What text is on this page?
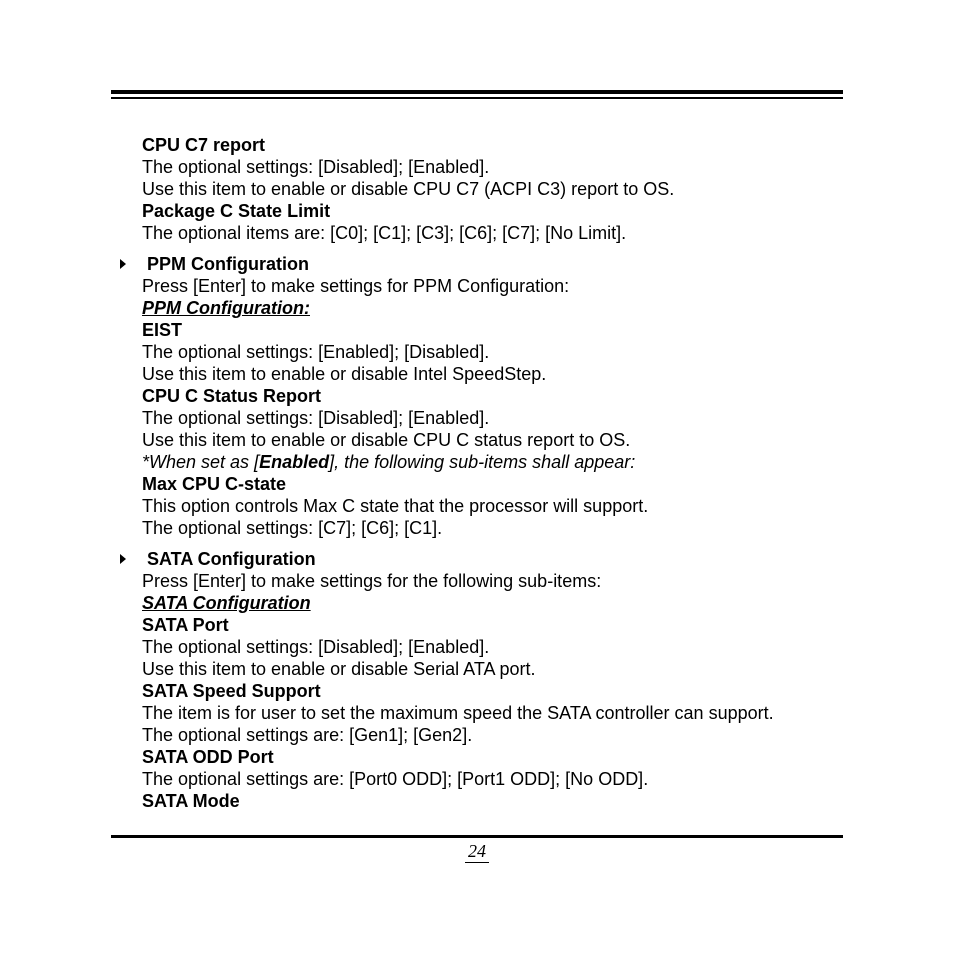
CPU C7 report
The optional settings: [Disabled]; [Enabled].
Use this item to enable or disable CPU C7 (ACPI C3) report to OS.
Package C State Limit
The optional items are: [C0]; [C1]; [C3]; [C6]; [C7]; [No Limit].
PPM Configuration
Press [Enter] to make settings for PPM Configuration:
PPM Configuration:
EIST
The optional settings: [Enabled]; [Disabled].
Use this item to enable or disable Intel SpeedStep.
CPU C Status Report
The optional settings: [Disabled]; [Enabled].
Use this item to enable or disable CPU C status report to OS.
*When set as [Enabled], the following sub-items shall appear:
Max CPU C-state
This option controls Max C state that the processor will support.
The optional settings: [C7]; [C6]; [C1].
SATA Configuration
Press [Enter] to make settings for the following sub-items:
SATA Configuration
SATA Port
The optional settings: [Disabled]; [Enabled].
Use this item to enable or disable Serial ATA port.
SATA Speed Support
The item is for user to set the maximum speed the SATA controller can support.
The optional settings are: [Gen1]; [Gen2].
SATA ODD Port
The optional settings are: [Port0 ODD]; [Port1 ODD]; [No ODD].
SATA Mode
24
